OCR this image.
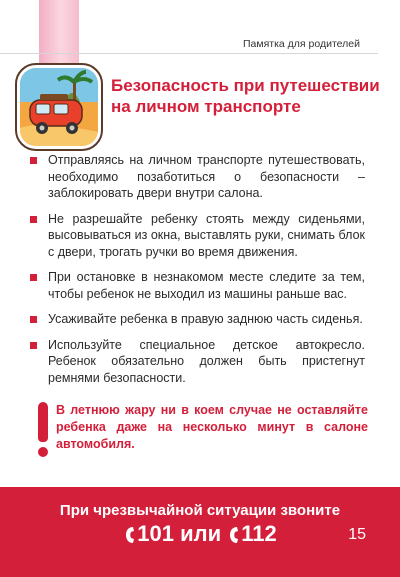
Памятка для родителей
Безопасность при путешествии на личном транспорте
Отправляясь на личном транспорте путешествовать, необходимо позаботиться о безопасности – заблокировать двери внутри салона.
Не разрешайте ребенку стоять между сиденьями, высовываться из окна, выставлять руки, снимать блок с двери, трогать ручки во время движения.
При остановке в незнакомом месте следите за тем, чтобы ребенок не выходил из машины раньше вас.
Усаживайте ребенка в правую заднюю часть сиденья.
Используйте специальное детское автокресло. Ребенок обязательно должен быть пристегнут ремнями безопасности.
В летнюю жару ни в коем случае не оставляйте ребенка даже на несколько минут в салоне автомобиля.
При чрезвычайной ситуации звоните
101 или 112	15
